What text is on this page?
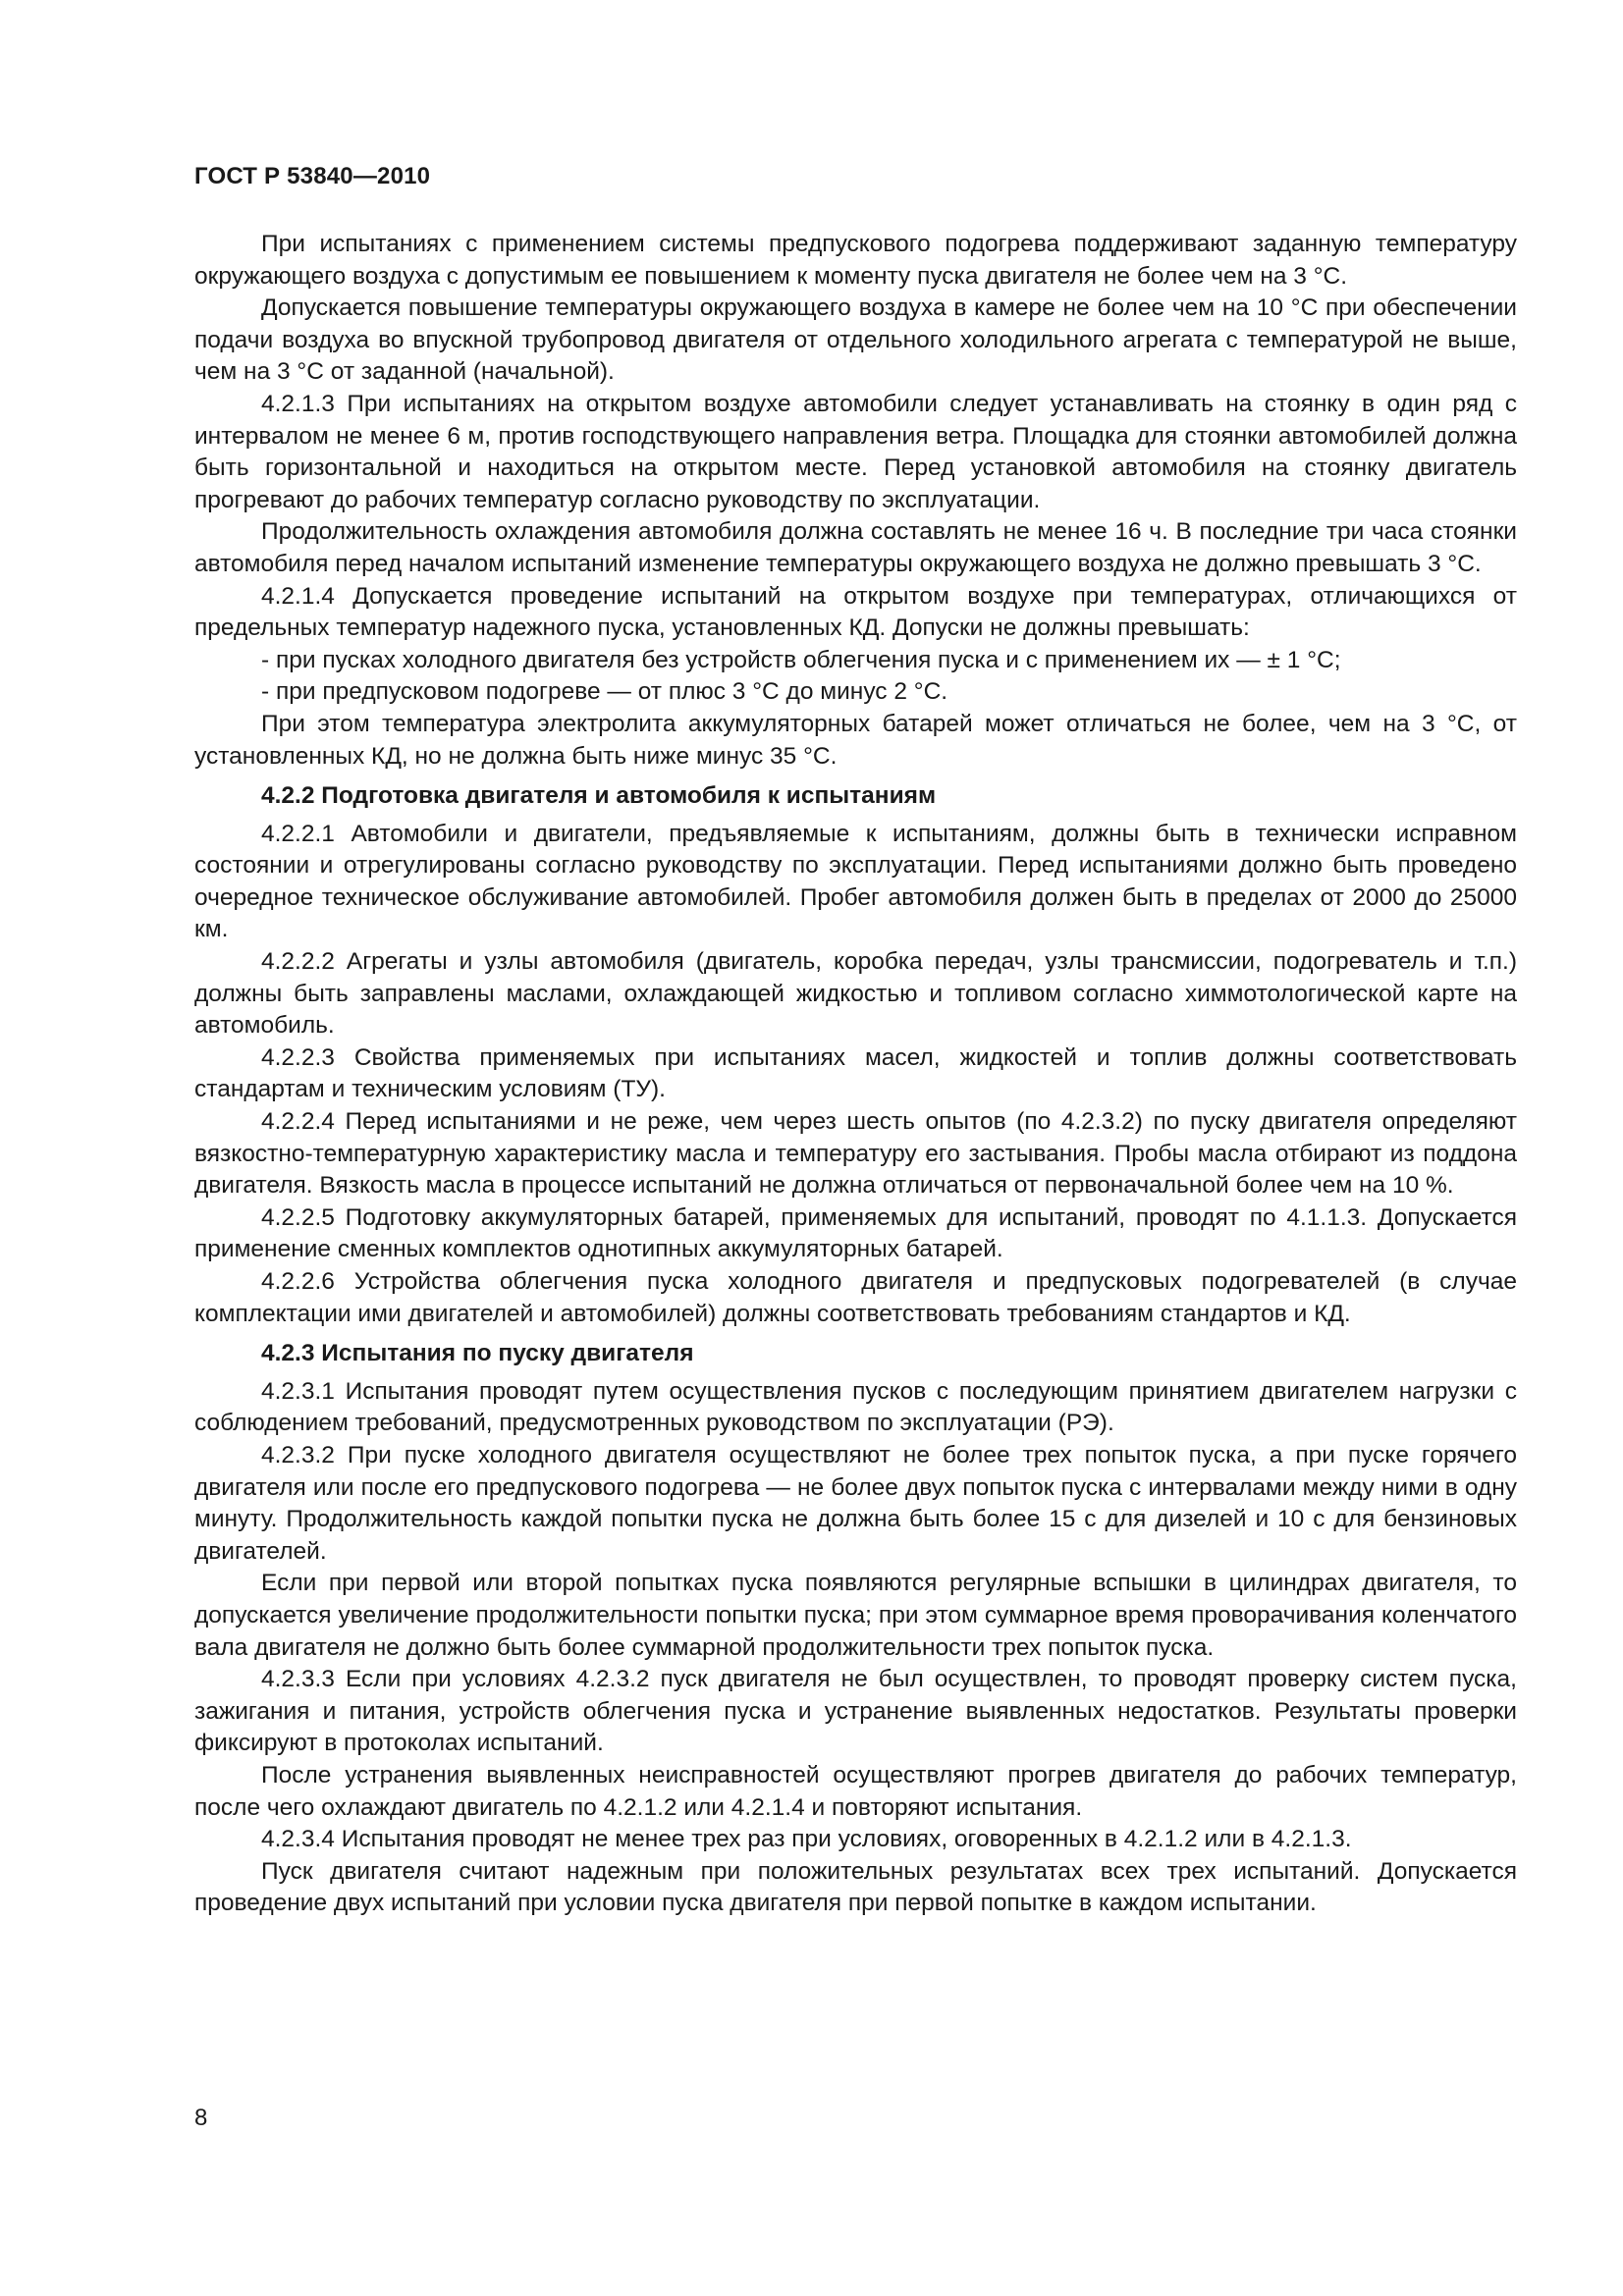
ГОСТ Р 53840—2010

При испытаниях с применением системы предпускового подогрева поддерживают заданную температуру окружающего воздуха с допустимым ее повышением к моменту пуска двигателя не более чем на 3 °С.

Допускается повышение температуры окружающего воздуха в камере не более чем на 10 °С при обеспечении подачи воздуха во впускной трубопровод двигателя от отдельного холодильного агрегата с температурой не выше, чем на 3 °С от заданной (начальной).

4.2.1.3 При испытаниях на открытом воздухе автомобили следует устанавливать на стоянку в один ряд с интервалом не менее 6 м, против господствующего направления ветра. Площадка для стоянки автомобилей должна быть горизонтальной и находиться на открытом месте. Перед установкой автомобиля на стоянку двигатель прогревают до рабочих температур согласно руководству по эксплуатации.

Продолжительность охлаждения автомобиля должна составлять не менее 16 ч. В последние три часа стоянки автомобиля перед началом испытаний изменение температуры окружающего воздуха не должно превышать 3 °С.

4.2.1.4 Допускается проведение испытаний на открытом воздухе при температурах, отличающихся от предельных температур надежного пуска, установленных КД. Допуски не должны превышать:

- при пусках холодного двигателя без устройств облегчения пуска и с применением их — ± 1 °С;

- при предпусковом подогреве — от плюс 3 °С до минус 2 °С.

При этом температура электролита аккумуляторных батарей может отличаться не более, чем на 3 °С, от установленных КД, но не должна быть ниже минус 35 °С.

4.2.2 Подготовка двигателя и автомобиля к испытаниям

4.2.2.1 Автомобили и двигатели, предъявляемые к испытаниям, должны быть в технически исправном состоянии и отрегулированы согласно руководству по эксплуатации. Перед испытаниями должно быть проведено очередное техническое обслуживание автомобилей. Пробег автомобиля должен быть в пределах от 2000 до 25000 км.

4.2.2.2 Агрегаты и узлы автомобиля (двигатель, коробка передач, узлы трансмиссии, подогреватель и т.п.) должны быть заправлены маслами, охлаждающей жидкостью и топливом согласно химмотологической карте на автомобиль.

4.2.2.3 Свойства применяемых при испытаниях масел, жидкостей и топлив должны соответствовать стандартам и техническим условиям (ТУ).

4.2.2.4 Перед испытаниями и не реже, чем через шесть опытов (по 4.2.3.2) по пуску двигателя определяют вязкостно-температурную характеристику масла и температуру его застывания. Пробы масла отбирают из поддона двигателя. Вязкость масла в процессе испытаний не должна отличаться от первоначальной более чем на 10 %.

4.2.2.5 Подготовку аккумуляторных батарей, применяемых для испытаний, проводят по 4.1.1.3. Допускается применение сменных комплектов однотипных аккумуляторных батарей.

4.2.2.6 Устройства облегчения пуска холодного двигателя и предпусковых подогревателей (в случае комплектации ими двигателей и автомобилей) должны соответствовать требованиям стандартов и КД.

4.2.3 Испытания по пуску двигателя

4.2.3.1 Испытания проводят путем осуществления пусков с последующим принятием двигателем нагрузки с соблюдением требований, предусмотренных руководством по эксплуатации (РЭ).

4.2.3.2 При пуске холодного двигателя осуществляют не более трех попыток пуска, а при пуске горячего двигателя или после его предпускового подогрева — не более двух попыток пуска с интервалами между ними в одну минуту. Продолжительность каждой попытки пуска не должна быть более 15 с для дизелей и 10 с для бензиновых двигателей.

Если при первой или второй попытках пуска появляются регулярные вспышки в цилиндрах двигателя, то допускается увеличение продолжительности попытки пуска; при этом суммарное время проворачивания коленчатого вала двигателя не должно быть более суммарной продолжительности трех попыток пуска.

4.2.3.3 Если при условиях 4.2.3.2 пуск двигателя не был осуществлен, то проводят проверку систем пуска, зажигания и питания, устройств облегчения пуска и устранение выявленных недостатков. Результаты проверки фиксируют в протоколах испытаний.

После устранения выявленных неисправностей осуществляют прогрев двигателя до рабочих температур, после чего охлаждают двигатель по 4.2.1.2 или 4.2.1.4 и повторяют испытания.

4.2.3.4 Испытания проводят не менее трех раз при условиях, оговоренных в 4.2.1.2 или в 4.2.1.3.

Пуск двигателя считают надежным при положительных результатах всех трех испытаний. Допускается проведение двух испытаний при условии пуска двигателя при первой попытке в каждом испытании.

8
